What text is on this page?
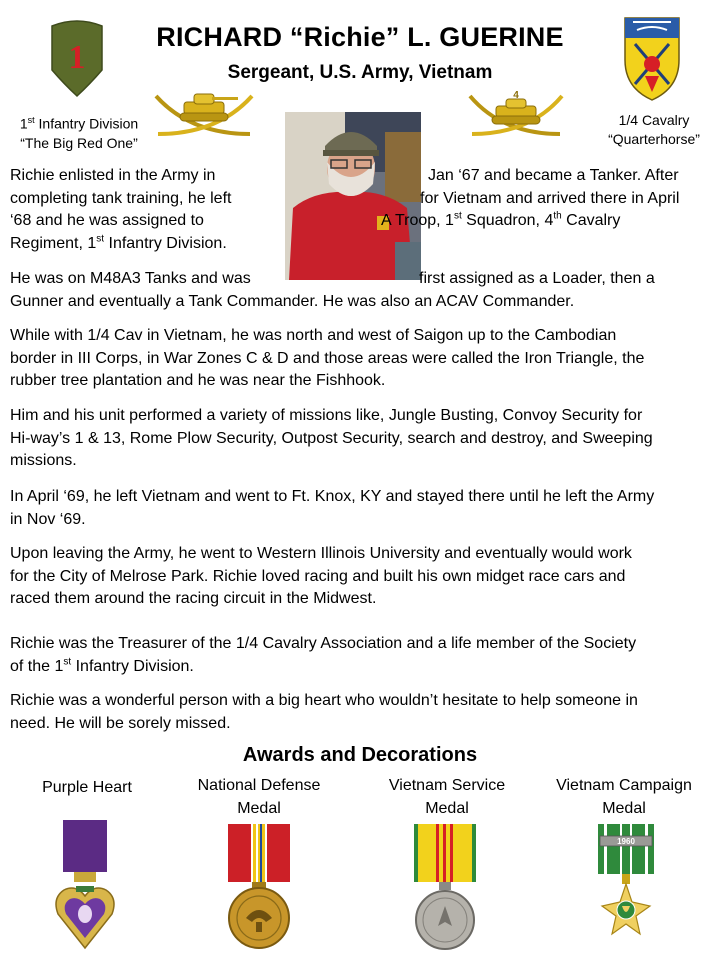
RICHARD “Richie” L. GUERINE
Sergeant, U.S. Army, Vietnam
1
1st Infantry Division
“The Big Red One”
4
1/4 Cavalry
“Quarterhorse”
Richie enlisted in the Army in	Jan ‘67 and became a Tanker. After
completing tank training, he left	for Vietnam and arrived there in April
‘68 and he was assigned to	A Troop, 1st Squadron, 4th Cavalry
Regiment, 1st Infantry Division.
He was on M48A3 Tanks and was	first assigned as a Loader, then a
Gunner and eventually a Tank Commander. He was also an ACAV Commander.
While with 1/4 Cav in Vietnam, he was north and west of Saigon up to the Cambodian
border in III Corps, in War Zones C & D and those areas were called the Iron Triangle, the
rubber tree plantation and he was near the Fishhook.
Him and his unit performed a variety of missions like, Jungle Busting, Convoy Security for
Hi-way’s 1 & 13, Rome Plow Security, Outpost Security, search and destroy, and Sweeping
missions.
In April ‘69, he left Vietnam and went to Ft. Knox, KY and stayed there until he left the Army
in Nov ‘69.
Upon leaving the Army, he went to Western Illinois University and eventually would work
for the City of Melrose Park. Richie loved racing and built his own midget race cars and
raced them around the racing circuit in the Midwest.
Richie was the Treasurer of the 1/4 Cavalry Association and a life member of the Society
of the 1st Infantry Division.
Richie was a wonderful person with a big heart who wouldn’t hesitate to help someone in
need. He will be sorely missed.
Awards and Decorations
Purple Heart	National Defense
Medal
Vietnam Service
Medal
Vietnam Campaign
Medal
1960
